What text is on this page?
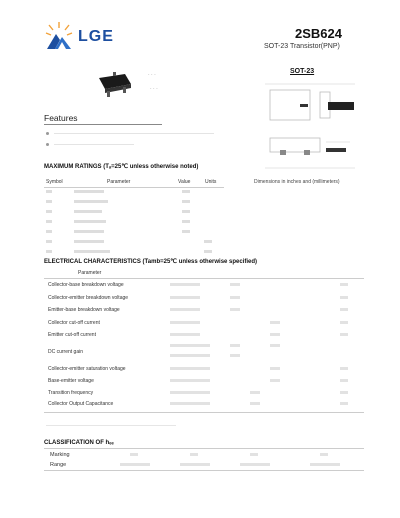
LGE	2SB624
SOT-23 Transistor(PNP)
· · ·
· · ·
Features
SOT-23
Dimensions in inches and (millimeters)
MAXIMUM RATINGS (Tₐ=25℃ unless otherwise noted)
Symbol	Parameter	Value	Units
ELECTRICAL CHARACTERISTICS (Tamb=25℃ unless otherwise specified)
Parameter
Collector-base breakdown voltage
Collector-emitter breakdown voltage
Emitter-base breakdown voltage
Collector cut-off current
Emitter cut-off current
DC current gain
Collector-emitter saturation voltage
Base-emitter voltage
Transition frequency
Collector Output Capacitance
CLASSIFICATION OF hₑₑ
Marking
Range
